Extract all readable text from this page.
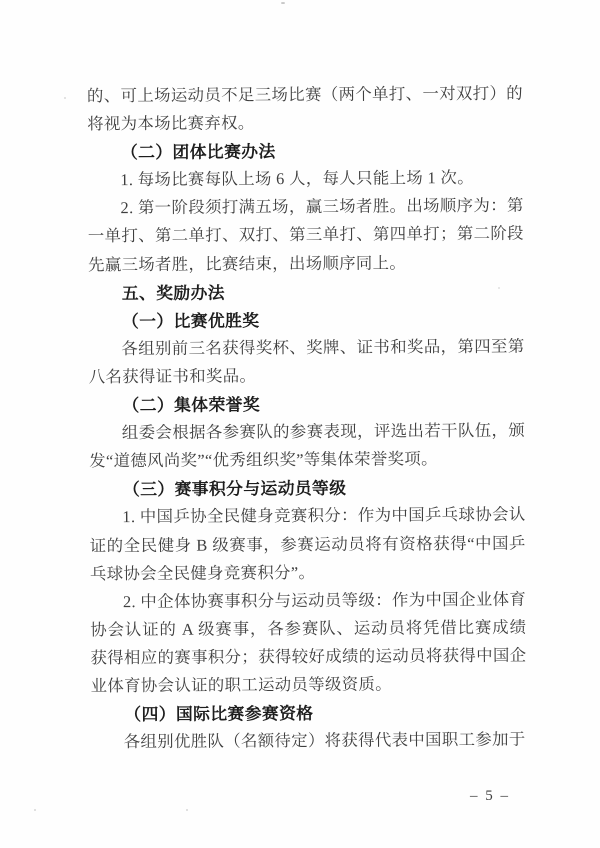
的、可上场运动员不足三场比赛（两个单打、一对双打）的将视为本场比赛弃权。

（二）团体比赛办法

1. 每场比赛每队上场 6 人，每人只能上场 1 次。

2. 第一阶段须打满五场，赢三场者胜。出场顺序为：第一单打、第二单打、双打、第三单打、第四单打；第二阶段先赢三场者胜，比赛结束，出场顺序同上。

五、奖励办法
（一）比赛优胜奖

各组别前三名获得奖杯、奖牌、证书和奖品，第四至第八名获得证书和奖品。

（二）集体荣誉奖

组委会根据各参赛队的参赛表现，评选出若干队伍，颁发“道德风尚奖”“优秀组织奖”等集体荣誉奖项。

（三）赛事积分与运动员等级

1. 中国乒协全民健身竞赛积分：作为中国乒乓球协会认证的全民健身 B 级赛事，参赛运动员将有资格获得“中国乒乓球协会全民健身竞赛积分”。

2. 中企体协赛事积分与运动员等级：作为中国企业体育协会认证的 A 级赛事，各参赛队、运动员将凭借比赛成绩获得相应的赛事积分；获得较好成绩的运动员将获得中国企业体育协会认证的职工运动员等级资质。

（四）国际比赛参赛资格

各组别优胜队（名额待定）将获得代表中国职工参加于

– 5 –
